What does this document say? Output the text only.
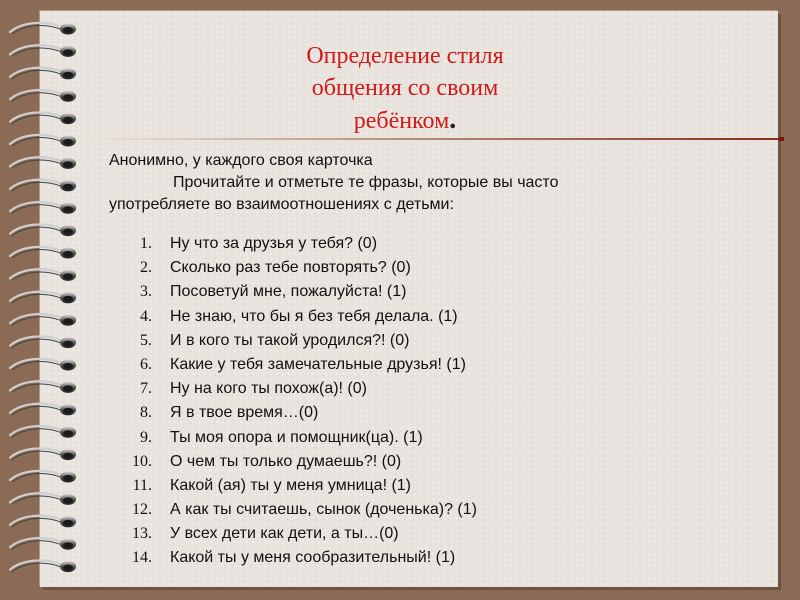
Определение стиля
общения со своим
ребёнком.

Анонимно, у каждого своя карточка

Прочитайте и отметьте те фразы, которые вы часто

употребляете во взаимоотношениях с детьми:

1. Ну что за друзья у тебя? (0)
2. Сколько раз тебе повторять? (0)
3. Посоветуй мне, пожалуйста! (1)
4. Не знаю, что бы я без тебя делала. (1)
5. И в кого ты такой уродился?! (0)
6. Какие у тебя замечательные друзья! (1)
7. Ну на кого ты похож(а)! (0)
8. Я в твое время…(0)
9. Ты моя опора и помощник(ца). (1)
10. О чем ты только думаешь?! (0)
11. Какой (ая) ты у меня умница! (1)
12. А как ты считаешь, сынок (доченька)? (1)
13. У всех дети как дети, а ты…(0)
14. Какой ты у меня сообразительный! (1)
